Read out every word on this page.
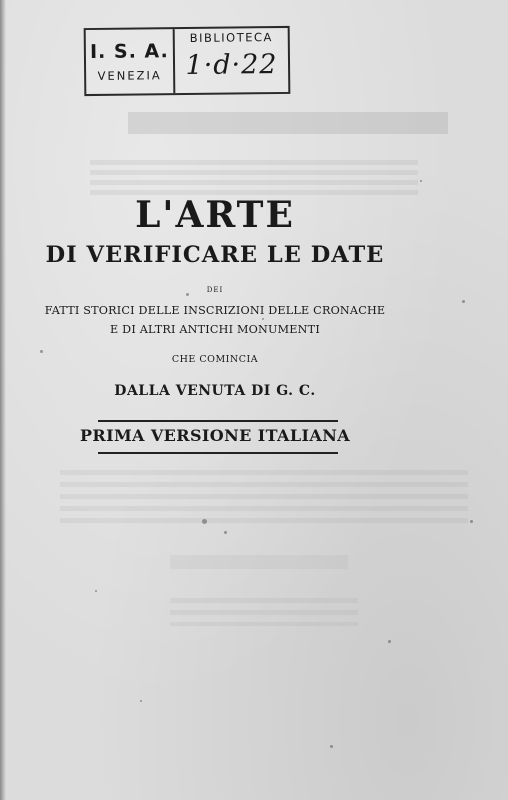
I. S. A.
VENEZIA
BIBLIOTECA
1·d·22
L'ARTE
DI VERIFICARE LE DATE
DEI
FATTI STORICI DELLE INSCRIZIONI DELLE CRONACHE
E DI ALTRI ANTICHI MONUMENTI
CHE COMINCIA
DALLA VENUTA DI G. C.
PRIMA VERSIONE ITALIANA
